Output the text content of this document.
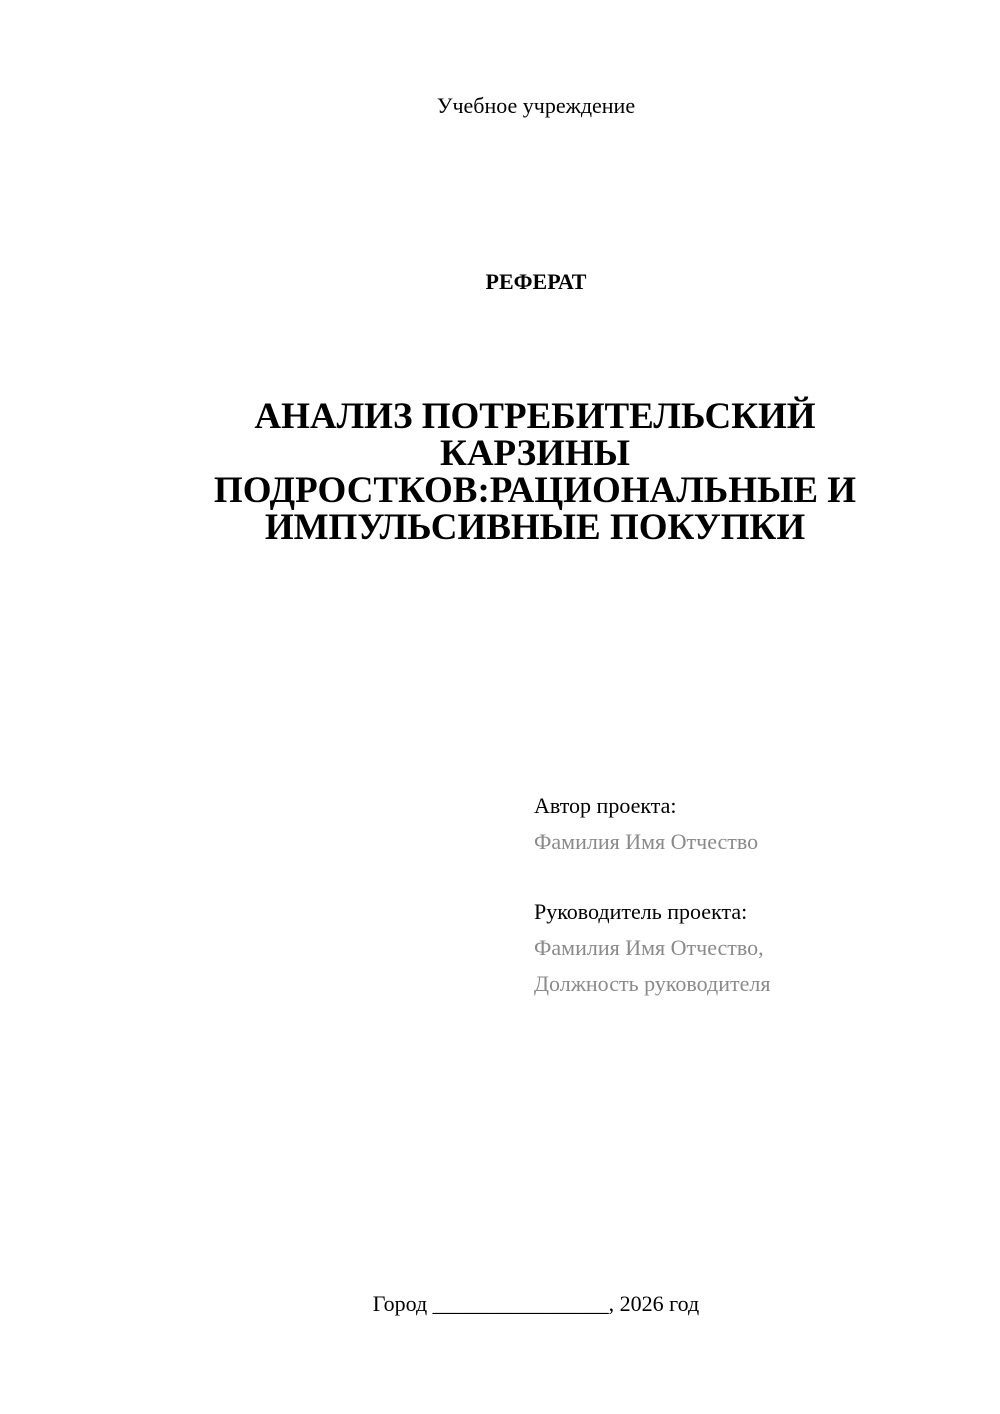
Учебное учреждение
РЕФЕРАТ
АНАЛИЗ ПОТРЕБИТЕЛЬСКИЙ
КАРЗИНЫ
ПОДРОСТКОВ:РАЦИОНАЛЬНЫЕ И
ИМПУЛЬСИВНЫЕ ПОКУПКИ
Автор проекта:
Фамилия Имя Отчество
Руководитель проекта:
Фамилия Имя Отчество,
Должность руководителя
Город ________________, 2026 год
